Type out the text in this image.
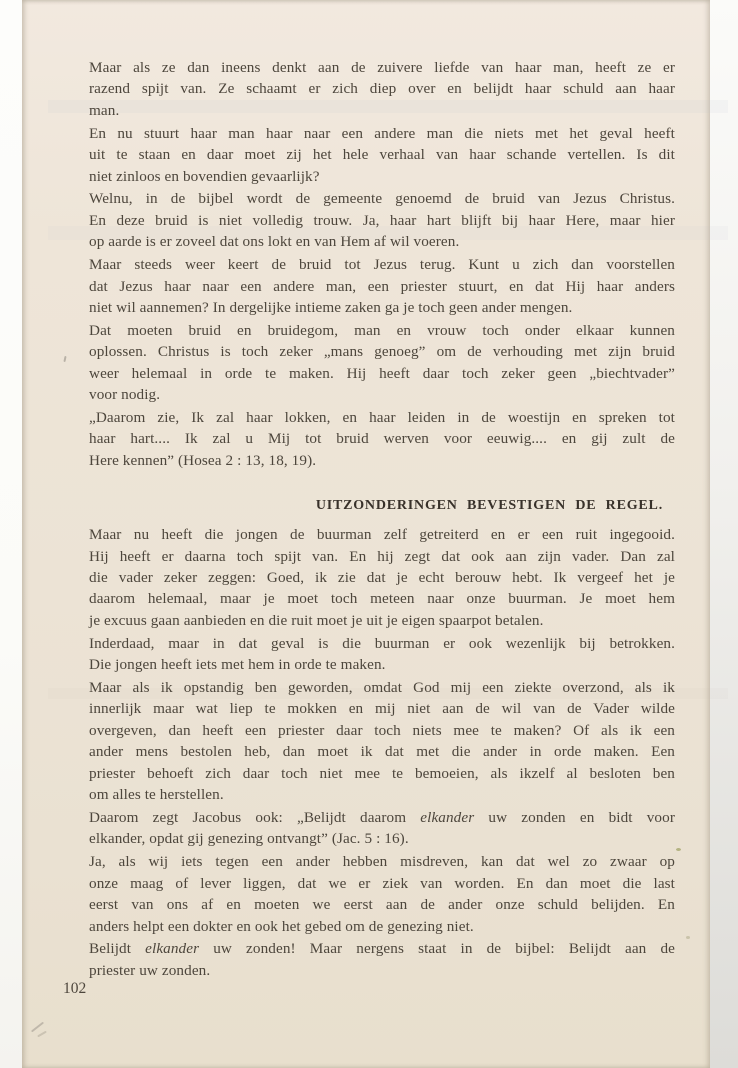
Maar als ze dan ineens denkt aan de zuivere liefde van haar man, heeft ze er
razend spijt van. Ze schaamt er zich diep over en belijdt haar schuld aan haar
man.
En nu stuurt haar man haar naar een andere man die niets met het geval heeft
uit te staan en daar moet zij het hele verhaal van haar schande vertellen. Is dit
niet zinloos en bovendien gevaarlijk?
Welnu, in de bijbel wordt de gemeente genoemd de bruid van Jezus Christus.
En deze bruid is niet volledig trouw. Ja, haar hart blijft bij haar Here, maar hier
op aarde is er zoveel dat ons lokt en van Hem af wil voeren.
Maar steeds weer keert de bruid tot Jezus terug. Kunt u zich dan voorstellen
dat Jezus haar naar een andere man, een priester stuurt, en dat Hij haar anders
niet wil aannemen? In dergelijke intieme zaken ga je toch geen ander mengen.
Dat moeten bruid en bruidegom, man en vrouw toch onder elkaar kunnen
oplossen. Christus is toch zeker „mans genoeg” om de verhouding met zijn bruid
weer helemaal in orde te maken. Hij heeft daar toch zeker geen „biechtvader”
voor nodig.
„Daarom zie, Ik zal haar lokken, en haar leiden in de woestijn en spreken tot
haar hart.... Ik zal u Mij tot bruid werven voor eeuwig.... en gij zult de
Here kennen” (Hosea 2 : 13, 18, 19).
UITZONDERINGEN BEVESTIGEN DE REGEL.
Maar nu heeft die jongen de buurman zelf getreiterd en er een ruit ingegooid.
Hij heeft er daarna toch spijt van. En hij zegt dat ook aan zijn vader. Dan zal
die vader zeker zeggen: Goed, ik zie dat je echt berouw hebt. Ik vergeef het je
daarom helemaal, maar je moet toch meteen naar onze buurman. Je moet hem
je excuus gaan aanbieden en die ruit moet je uit je eigen spaarpot betalen.
Inderdaad, maar in dat geval is die buurman er ook wezenlijk bij betrokken.
Die jongen heeft iets met hem in orde te maken.
Maar als ik opstandig ben geworden, omdat God mij een ziekte overzond, als ik
innerlijk maar wat liep te mokken en mij niet aan de wil van de Vader wilde
overgeven, dan heeft een priester daar toch niets mee te maken? Of als ik een
ander mens bestolen heb, dan moet ik dat met die ander in orde maken. Een
priester behoeft zich daar toch niet mee te bemoeien, als ikzelf al besloten ben
om alles te herstellen.
Daarom zegt Jacobus ook: „Belijdt daarom elkander uw zonden en bidt voor
elkander, opdat gij genezing ontvangt” (Jac. 5 : 16).
Ja, als wij iets tegen een ander hebben misdreven, kan dat wel zo zwaar op
onze maag of lever liggen, dat we er ziek van worden. En dan moet die last
eerst van ons af en moeten we eerst aan de ander onze schuld belijden. En
anders helpt een dokter en ook het gebed om de genezing niet.
Belijdt elkander uw zonden! Maar nergens staat in de bijbel: Belijdt aan de
priester uw zonden.
102
